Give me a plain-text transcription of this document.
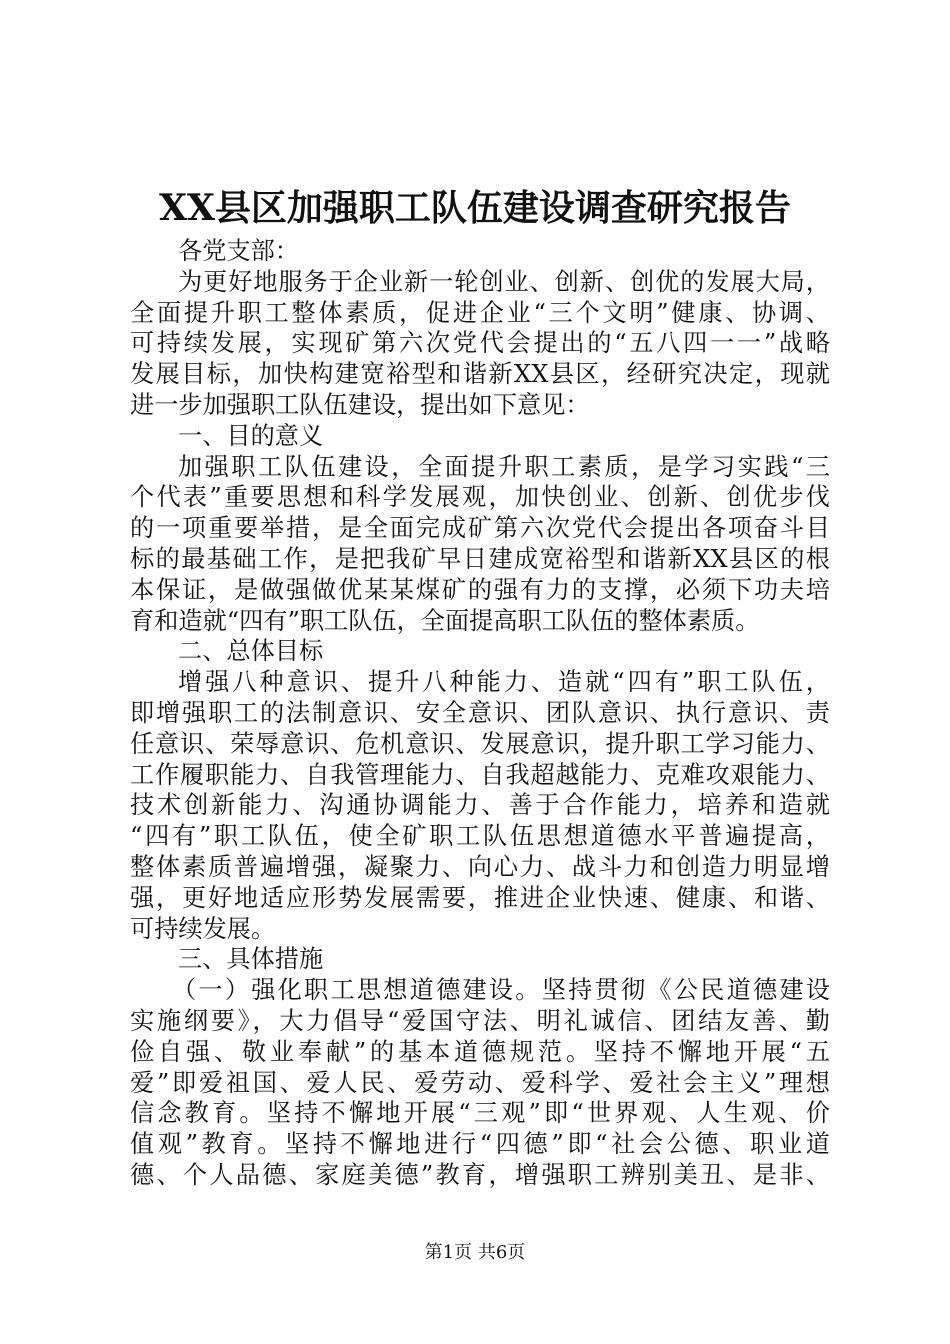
XX县区加强职工队伍建设调查研究报告
各党支部：
为更好地服务于企业新一轮创业、创新、创优的发展大局，
全面提升职工整体素质，促进企业“三个文明”健康、协调、
可持续发展，实现矿第六次党代会提出的“五八四一一”战略
发展目标，加快构建宽裕型和谐新XX县区，经研究决定，现就
进一步加强职工队伍建设，提出如下意见：
一、目的意义
加强职工队伍建设，全面提升职工素质，是学习实践“三
个代表”重要思想和科学发展观，加快创业、创新、创优步伐
的一项重要举措，是全面完成矿第六次党代会提出各项奋斗目
标的最基础工作，是把我矿早日建成宽裕型和谐新XX县区的根
本保证，是做强做优某某煤矿的强有力的支撑，必须下功夫培
育和造就“四有”职工队伍，全面提高职工队伍的整体素质。
二、总体目标
增强八种意识、提升八种能力、造就“四有”职工队伍，
即增强职工的法制意识、安全意识、团队意识、执行意识、责
任意识、荣辱意识、危机意识、发展意识，提升职工学习能力、
工作履职能力、自我管理能力、自我超越能力、克难攻艰能力、
技术创新能力、沟通协调能力、善于合作能力，培养和造就
“四有”职工队伍，使全矿职工队伍思想道德水平普遍提高，
整体素质普遍增强，凝聚力、向心力、战斗力和创造力明显增
强，更好地适应形势发展需要，推进企业快速、健康、和谐、
可持续发展。
三、具体措施
（一）强化职工思想道德建设。坚持贯彻《公民道德建设
实施纲要》，大力倡导“爱国守法、明礼诚信、团结友善、勤
俭自强、敬业奉献”的基本道德规范。坚持不懈地开展“五
爱”即爱祖国、爱人民、爱劳动、爱科学、爱社会主义”理想
信念教育。坚持不懈地开展“三观”即“世界观、人生观、价
值观”教育。坚持不懈地进行“四德”即“社会公德、职业道
德、个人品德、家庭美德”教育，增强职工辨别美丑、是非、
第1页 共6页
